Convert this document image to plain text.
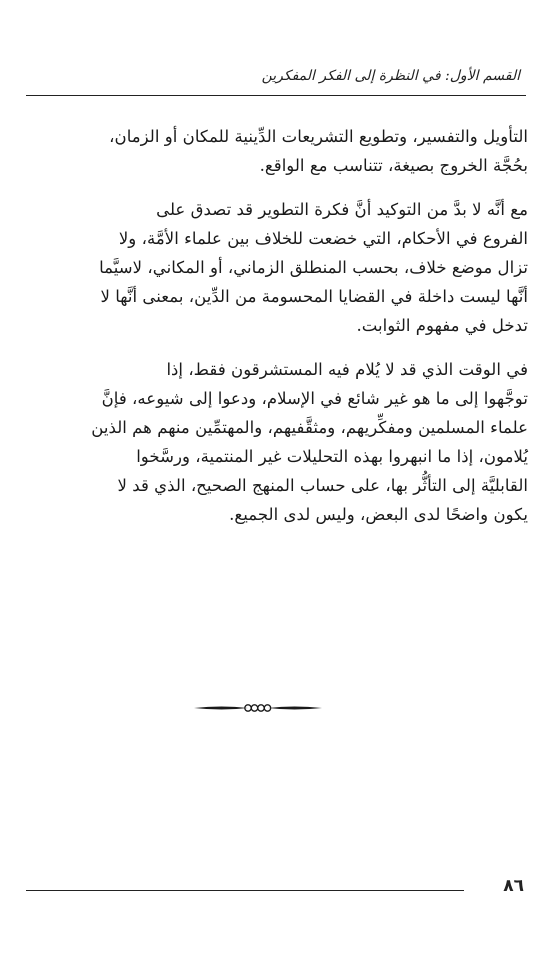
القسم الأول: في النظرة إلى الفكر المفكرين

التأويل والتفسير، وتطويع التشريعات الدِّينية للمكان أو الزمان،

بحُجَّة الخروج بصيغة، تتناسب مع الواقع.

مع أنَّه لا بدَّ من التوكيد أنَّ فكرة التطوير قد تصدق على

الفروع في الأحكام، التي خضعت للخلاف بين علماء الأمَّة، ولا

تزال موضع خلاف، بحسب المنطلق الزماني، أو المكاني، لاسيَّما

أنَّها ليست داخلة في القضايا المحسومة من الدِّين، بمعنى أنَّها لا

تدخل في مفهوم الثوابت.

في الوقت الذي قد لا يُلام فيه المستشرقون فقط، إذا

توجَّهوا إلى ما هو غير شائع في الإسلام، ودعوا إلى شيوعه، فإنَّ

علماء المسلمين ومفكِّريهم، ومثقَّفيهم، والمهتمِّين منهم هم الذين

يُلامون، إذا ما انبهروا بهذه التحليلات غير المنتمية، ورسَّخوا

القابليَّة إلى التأثُّر بها، على حساب المنهج الصحيح، الذي قد لا

يكون واضحًا لدى البعض، وليس لدى الجميع.

٨٦
